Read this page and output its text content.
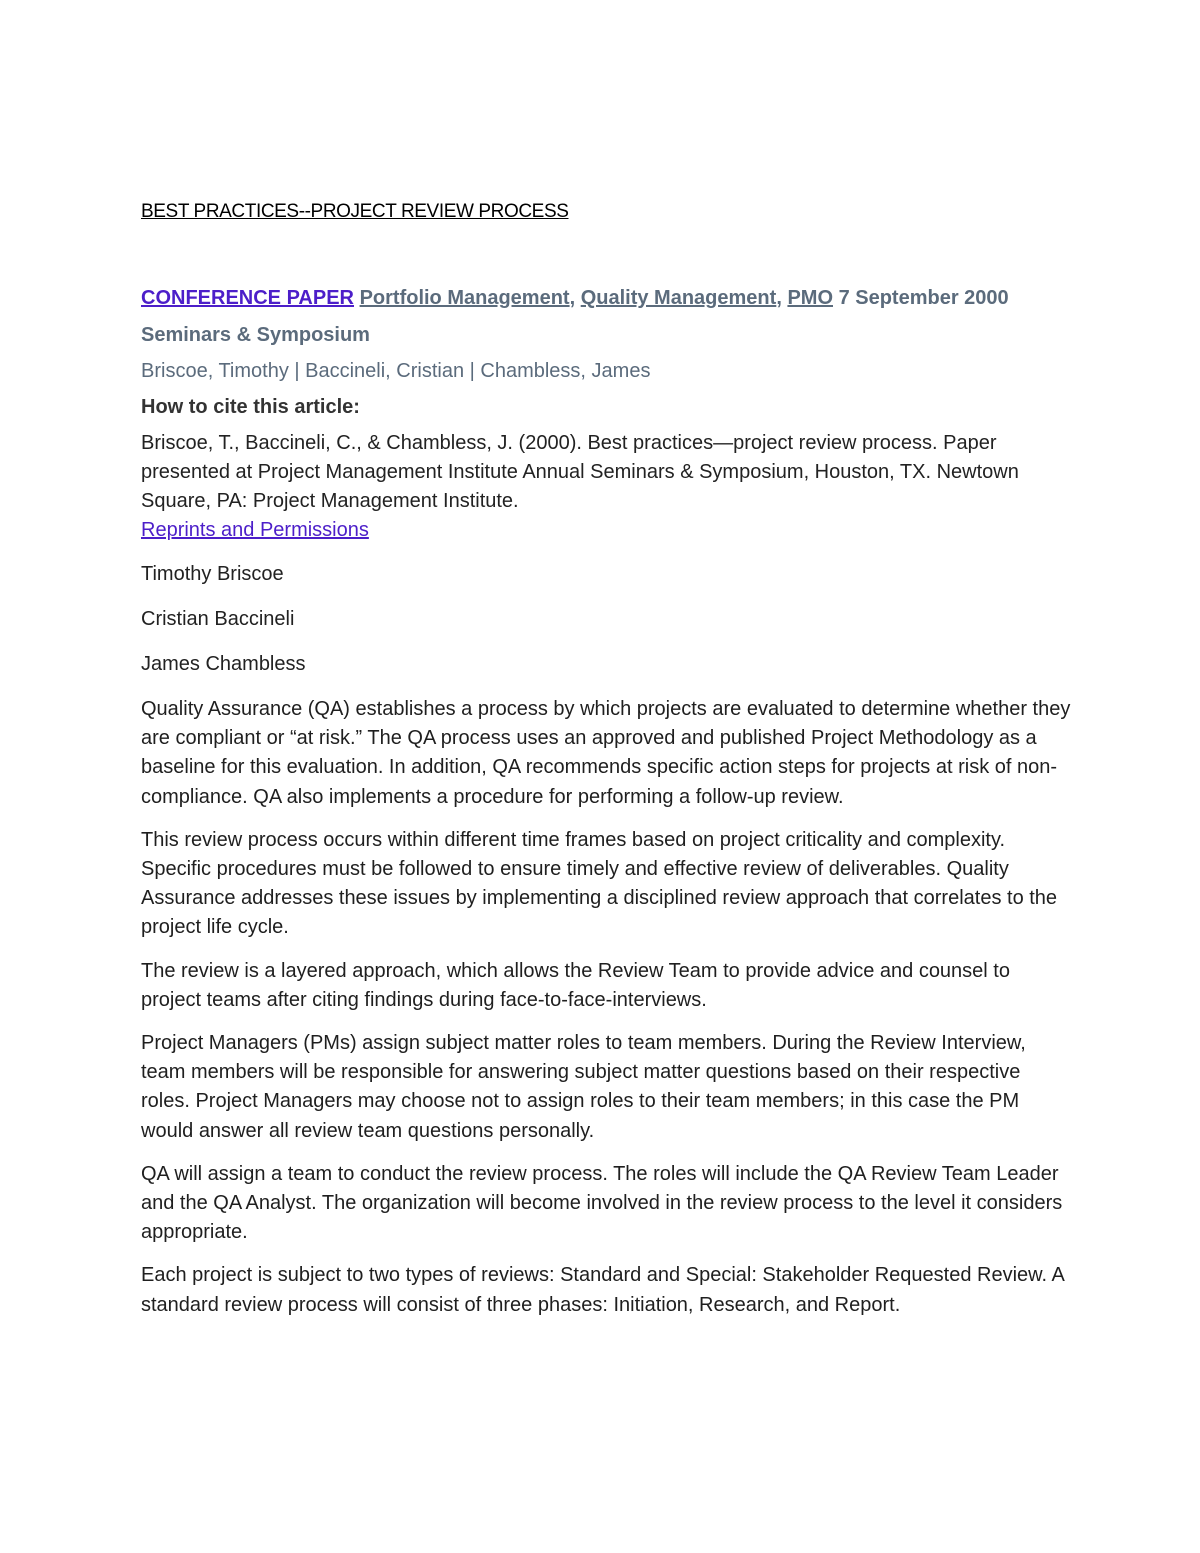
BEST PRACTICES--PROJECT REVIEW PROCESS
CONFERENCE PAPER Portfolio Management, Quality Management, PMO 7 September 2000
Seminars & Symposium
Briscoe, Timothy | Baccineli, Cristian | Chambless, James
How to cite this article:
Briscoe, T., Baccineli, C., & Chambless, J. (2000). Best practices—project review process. Paper presented at Project Management Institute Annual Seminars & Symposium, Houston, TX. Newtown Square, PA: Project Management Institute.
Reprints and Permissions
Timothy Briscoe
Cristian Baccineli
James Chambless

Quality Assurance (QA) establishes a process by which projects are evaluated to determine whether they are compliant or “at risk.” The QA process uses an approved and published Project Methodology as a baseline for this evaluation. In addition, QA recommends specific action steps for projects at risk of non-compliance. QA also implements a procedure for performing a follow-up review.

This review process occurs within different time frames based on project criticality and complexity. Specific procedures must be followed to ensure timely and effective review of deliverables. Quality Assurance addresses these issues by implementing a disciplined review approach that correlates to the project life cycle.

The review is a layered approach, which allows the Review Team to provide advice and counsel to project teams after citing findings during face-to-face-interviews.

Project Managers (PMs) assign subject matter roles to team members. During the Review Interview, team members will be responsible for answering subject matter questions based on their respective roles. Project Managers may choose not to assign roles to their team members; in this case the PM would answer all review team questions personally.

QA will assign a team to conduct the review process. The roles will include the QA Review Team Leader and the QA Analyst. The organization will become involved in the review process to the level it considers appropriate.

Each project is subject to two types of reviews: Standard and Special: Stakeholder Requested Review. A standard review process will consist of three phases: Initiation, Research, and Report.
